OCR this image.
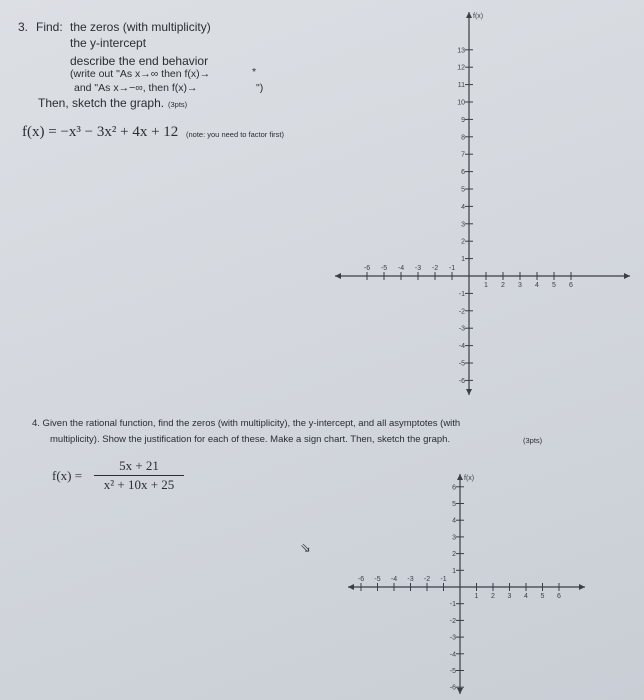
3. Find: the zeros (with multiplicity)
the y-intercept
describe the end behavior
(write out "As x→∞ then f(x)→	*
and "As x→−∞, then f(x)→	")
Then, sketch the graph. (3pts)
f(x) = −x³ − 3x² + 4x + 12 (note: you need to factor first)
f(x)
13
12
11
10
9
8
7
6
5
4
3
2
1
-1
-2
-3
-4
-5
-6
-6 -5 -4 -3 -2 -1
1 2 3 4 5 6
4. Given the rational function, find the zeros (with multiplicity), the y-intercept, and all asymptotes (with
multiplicity). Show the justification for each of these. Make a sign chart. Then, sketch the graph.	(3pts)
f(x) =
5x + 21
x² + 10x + 25
⇘
f(x)
6
5
4
3
2
1
-1
-2
-3
-4
-5
-6
-6 -5 -4 -3 -2 -1
1 2 3 4 5 6
